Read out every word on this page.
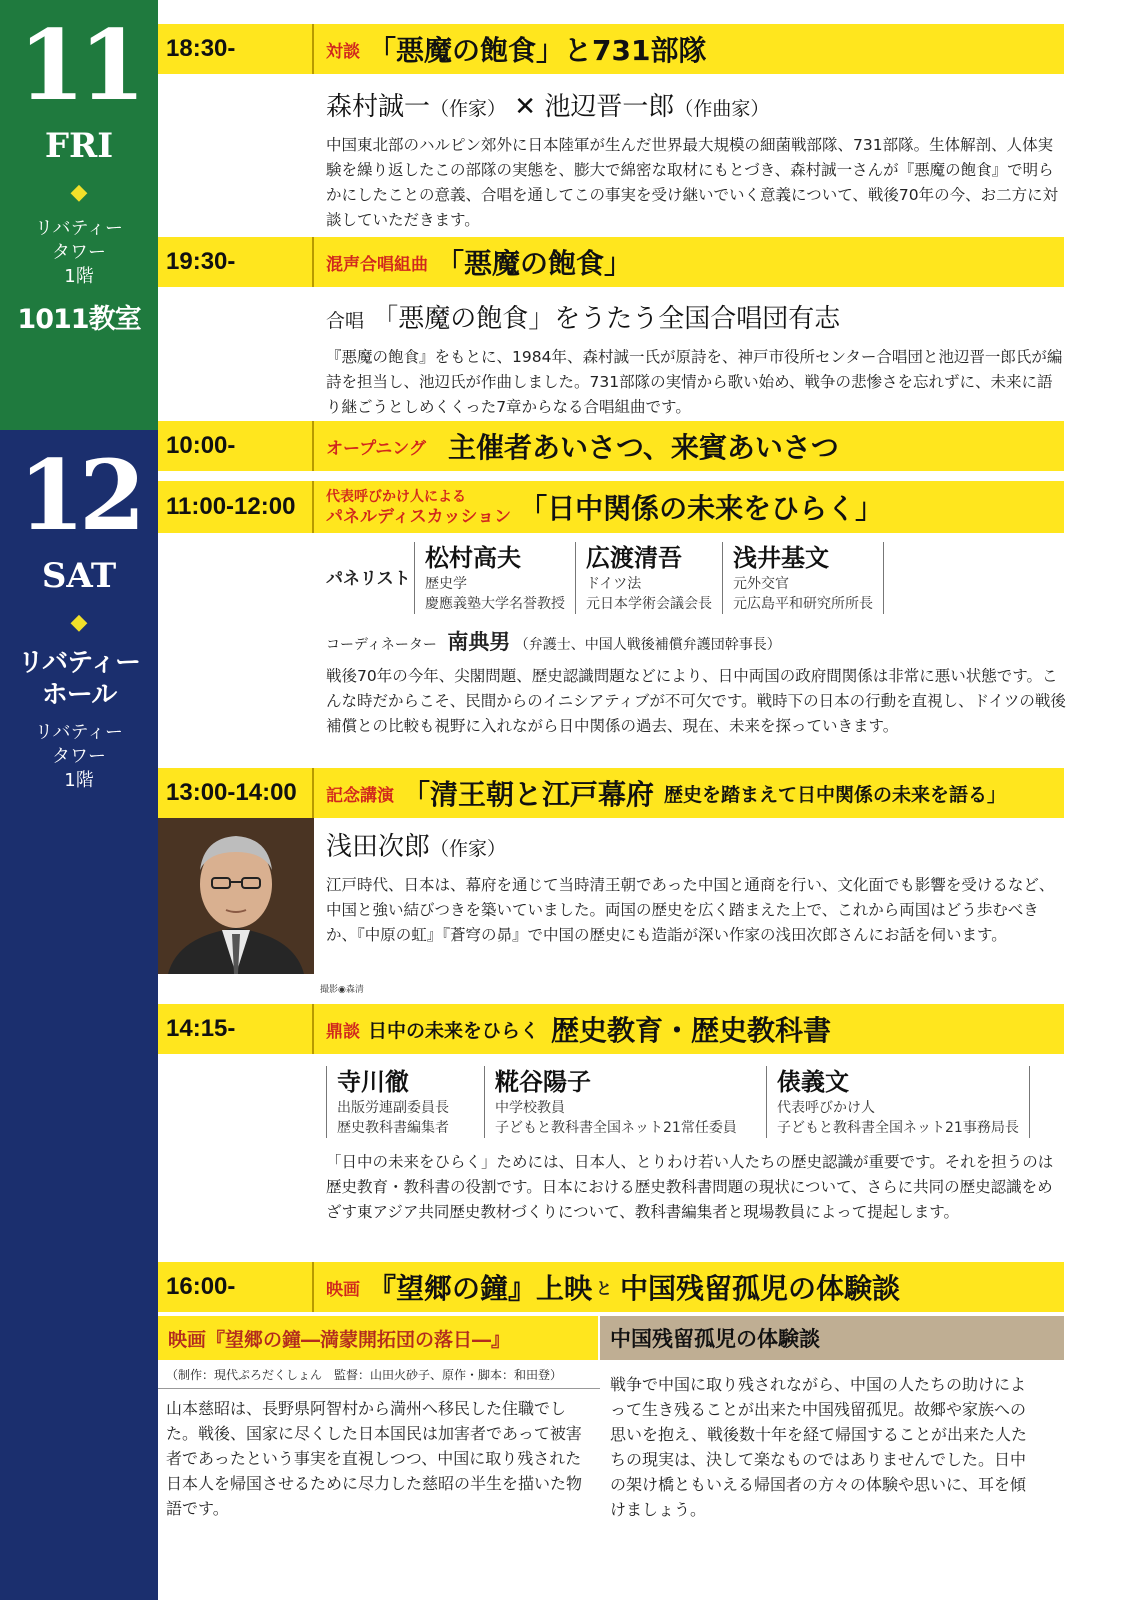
11
FRI
◆
リバティー
タワー
1階
1011教室
12
SAT
◆
リバティー
ホール
リバティー
タワー
1階
18:30-	対談 「悪魔の飽食」と731部隊
森村誠一（作家） ✕ 池辺晋一郎（作曲家）

中国東北部のハルピン郊外に日本陸軍が生んだ世界最大規模の細菌戦部隊、731部隊。生体解剖、人体実験を繰り返したこの部隊の実態を、膨大で綿密な取材にもとづき、森村誠一さんが『悪魔の飽食』で明らかにしたことの意義、合唱を通してこの事実を受け継いでいく意義について、戦後70年の今、お二方に対談していただきます。

19:30-	混声合唱組曲 「悪魔の飽食」
合唱 「悪魔の飽食」をうたう全国合唱団有志

『悪魔の飽食』をもとに、1984年、森村誠一氏が原詩を、神戸市役所センター合唱団と池辺晋一郎氏が編詩を担当し、池辺氏が作曲しました。731部隊の実情から歌い始め、戦争の悲惨さを忘れずに、未来に語り継ごうとしめくくった7章からなる合唱組曲です。

10:00-	オープニング 主催者あいさつ、来賓あいさつ
11:00-12:00	代表呼びかけ人による
パネルディスカッション 「日中関係の未来をひらく」
パネリスト
松村高夫
歴史学
慶應義塾大学名誉教授
広渡清吾
ドイツ法
元日本学術会議会長
浅井基文
元外交官
元広島平和研究所所長
コーディネーター 南典男 （弁護士、中国人戦後補償弁護団幹事長）

戦後70年の今年、尖閣問題、歴史認識問題などにより、日中両国の政府間関係は非常に悪い状態です。こんな時だからこそ、民間からのイニシアティブが不可欠です。戦時下の日本の行動を直視し、ドイツの戦後補償との比較も視野に入れながら日中関係の過去、現在、未来を探っていきます。

13:00-14:00	記念講演 「清王朝と江戸幕府 歴史を踏まえて日中関係の未来を語る」
撮影◉森清
浅田次郎（作家）

江戸時代、日本は、幕府を通じて当時清王朝であった中国と通商を行い、文化面でも影響を受けるなど、中国と強い結びつきを築いていました。両国の歴史を広く踏まえた上で、これから両国はどう歩むべきか、『中原の虹』『蒼穹の昴』で中国の歴史にも造詣が深い作家の浅田次郎さんにお話を伺います。

14:15-	鼎談 日中の未来をひらく 歴史教育・歴史教科書
寺川徹
出版労連副委員長
歴史教科書編集者
糀谷陽子
中学校教員
子どもと教科書全国ネット21常任委員
俵義文
代表呼びかけ人
子どもと教科書全国ネット21事務局長

「日中の未来をひらく」ためには、日本人、とりわけ若い人たちの歴史認識が重要です。それを担うのは歴史教育・教科書の役割です。日本における歴史教科書問題の現状について、さらに共同の歴史認識をめざす東アジア共同歴史教材づくりについて、教科書編集者と現場教員によって提起します。

16:00-	映画 『望郷の鐘』上映 と 中国残留孤児の体験談
映画『望郷の鐘―満蒙開拓団の落日―』	中国残留孤児の体験談
（制作：現代ぷろだくしょん　監督：山田火砂子、原作・脚本：和田登）
山本慈昭は、長野県阿智村から満州へ移民した住職でした。戦後、国家に尽くした日本国民は加害者であって被害者であったという事実を直視しつつ、中国に取り残された日本人を帰国させるために尽力した慈昭の半生を描いた物語です。
戦争で中国に取り残されながら、中国の人たちの助けによって生き残ることが出来た中国残留孤児。故郷や家族への思いを抱え、戦後数十年を経て帰国することが出来た人たちの現実は、決して楽なものではありませんでした。日中の架け橋ともいえる帰国者の方々の体験や思いに、耳を傾けましょう。
